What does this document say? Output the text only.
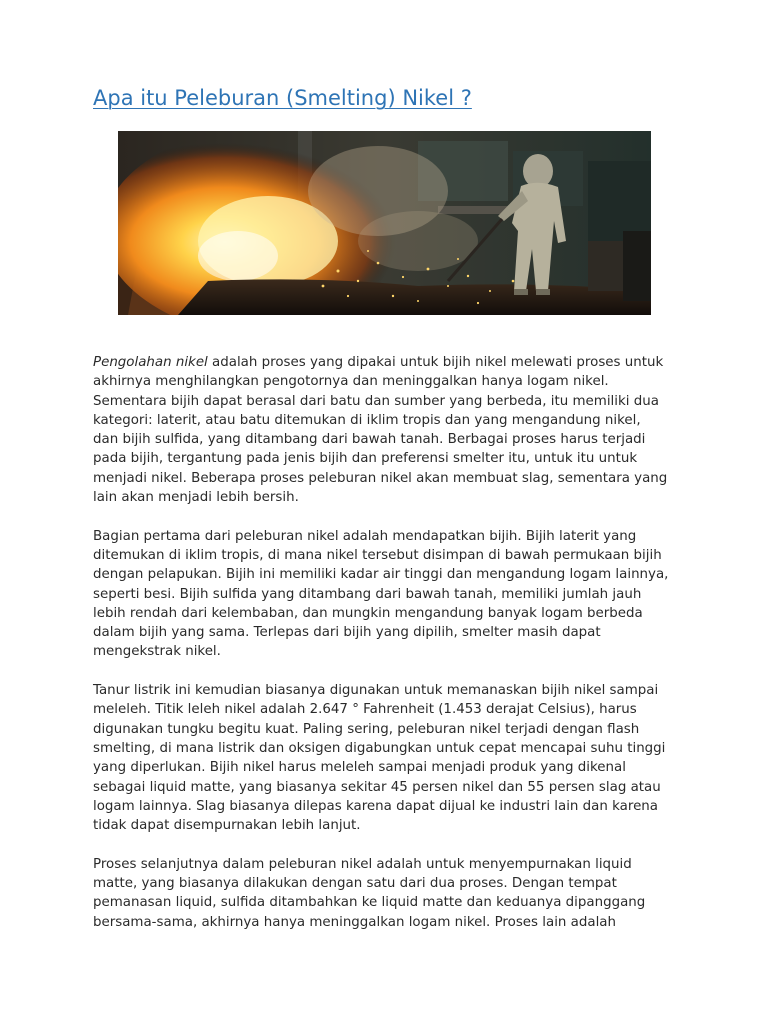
Apa itu Peleburan (Smelting) Nikel ?

Pengolahan nikel adalah proses yang dipakai untuk bijih nikel melewati proses untuk
akhirnya menghilangkan pengotornya dan meninggalkan hanya logam nikel.
Sementara bijih dapat berasal dari batu dan sumber yang berbeda, itu memiliki dua
kategori: laterit, atau batu ditemukan di iklim tropis dan yang mengandung nikel,
dan bijih sulfida, yang ditambang dari bawah tanah. Berbagai proses harus terjadi
pada bijih, tergantung pada jenis bijih dan preferensi smelter itu, untuk itu untuk
menjadi nikel. Beberapa proses peleburan nikel akan membuat slag, sementara yang
lain akan menjadi lebih bersih.

Bagian pertama dari peleburan nikel adalah mendapatkan bijih. Bijih laterit yang
ditemukan di iklim tropis, di mana nikel tersebut disimpan di bawah permukaan bijih
dengan pelapukan. Bijih ini memiliki kadar air tinggi dan mengandung logam lainnya,
seperti besi. Bijih sulfida yang ditambang dari bawah tanah, memiliki jumlah jauh
lebih rendah dari kelembaban, dan mungkin mengandung banyak logam berbeda
dalam bijih yang sama. Terlepas dari bijih yang dipilih, smelter masih dapat
mengekstrak nikel.

Tanur listrik ini kemudian biasanya digunakan untuk memanaskan bijih nikel sampai
meleleh. Titik leleh nikel adalah 2.647 ° Fahrenheit (1.453 derajat Celsius), harus
digunakan tungku begitu kuat. Paling sering, peleburan nikel terjadi dengan flash
smelting, di mana listrik dan oksigen digabungkan untuk cepat mencapai suhu tinggi
yang diperlukan. Bijih nikel harus meleleh sampai menjadi produk yang dikenal
sebagai liquid matte, yang biasanya sekitar 45 persen nikel dan 55 persen slag atau
logam lainnya. Slag biasanya dilepas karena dapat dijual ke industri lain dan karena
tidak dapat disempurnakan lebih lanjut.

Proses selanjutnya dalam peleburan nikel adalah untuk menyempurnakan liquid
matte, yang biasanya dilakukan dengan satu dari dua proses. Dengan tempat
pemanasan liquid, sulfida ditambahkan ke liquid matte dan keduanya dipanggang
bersama-sama, akhirnya hanya meninggalkan logam nikel. Proses lain adalah
